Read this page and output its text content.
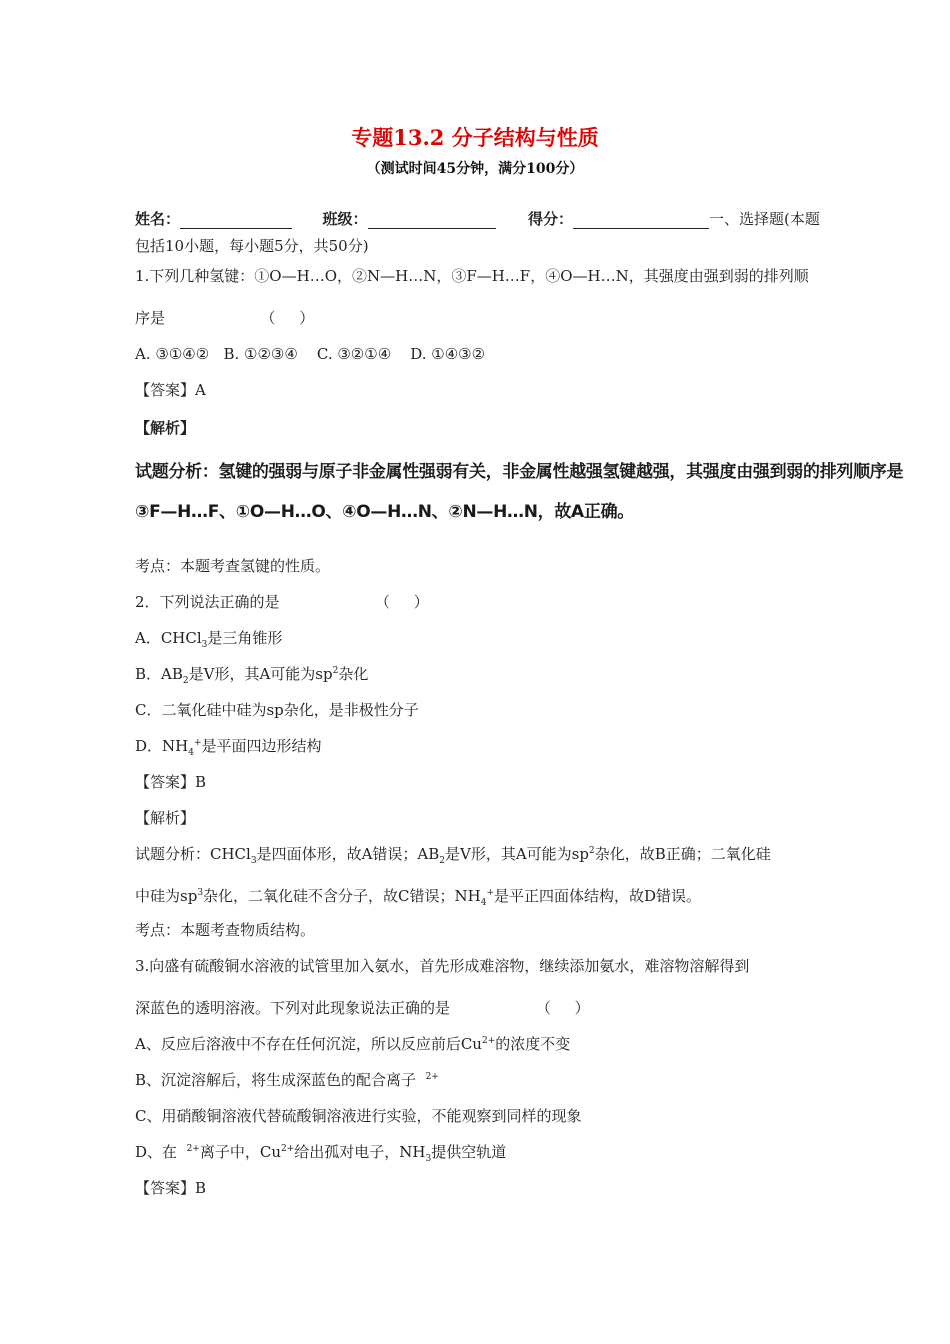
专题13.2 分子结构与性质
（测试时间45分钟，满分100分）
姓名：	班级：	得分：	一、选择题(本题
包括10小题，每小题5分，共50分)
1.下列几种氢键：①O—H…O，②N—H…N，③F—H…F，④O—H…N，其强度由强到弱的排列顺
序是                    （     ）
A. ③①④②   B. ①②③④    C. ③②①④    D. ①④③②
【答案】A
【解析】
试题分析：氢键的强弱与原子非金属性强弱有关，非金属性越强氢键越强，其强度由强到弱的排列顺序是
③F—H…F、①O—H…O、④O—H…N、②N—H…N，故A正确。
考点：本题考查氢键的性质。
2．下列说法正确的是                    （     ）
A．CHCl$_3$是三角锥形
B．$AB_2$是V形，其A可能为$sp^2$杂化
C．二氧化硅中硅为sp杂化，是非极性分子
D．$NH_4^+$是平面四边形结构
【答案】B
【解析】
试题分析：CHCl$_3$是四面体形，故A错误；$AB_2$是V形，其A可能为$sp^2$杂化，故B正确；二氧化硅
中硅为$sp^3$杂化，二氧化硅不含分子，故C错误；$NH_4^+$是平正四面体结构，故D错误。
考点：本题考查物质结构。
3.向盛有硫酸铜水溶液的试管里加入氨水，首先形成难溶物，继续添加氨水，难溶物溶解得到
深蓝色的透明溶液。下列对此现象说法正确的是                  （     ）
A、反应后溶液中不存在任何沉淀，所以反应前后$Cu^{2+}$的浓度不变
B、沉淀溶解后，将生成深蓝色的配合离子  $^{2+}$
C、用硝酸铜溶液代替硫酸铜溶液进行实验，不能观察到同样的现象
D、在  $^{2+}$离子中，$Cu^{2+}$给出孤对电子，$NH_3$提供空轨道
【答案】B
